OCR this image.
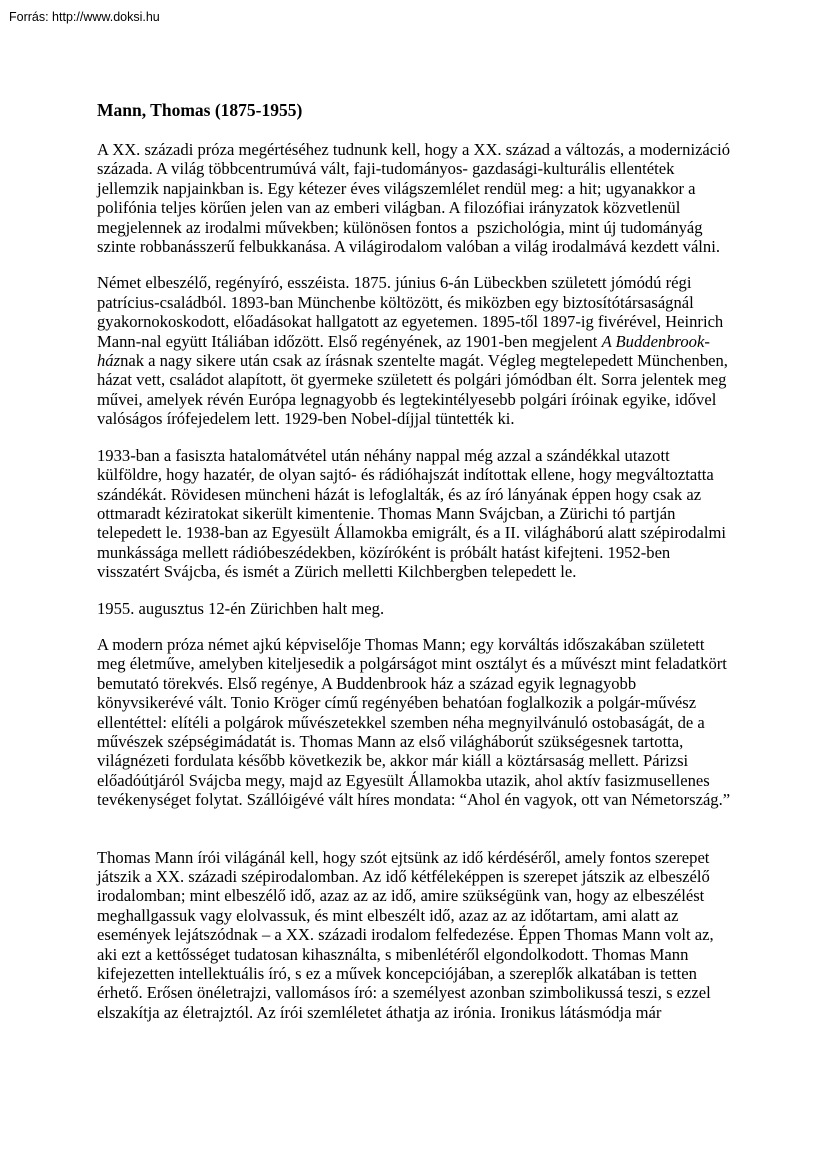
Forrás: http://www.doksi.hu
Mann, Thomas (1875-1955)

A XX. századi próza megértéséhez tudnunk kell, hogy a XX. század a változás, a modernizáció százada. A világ többcentrumúvá vált, faji-tudományos- gazdasági-kulturális ellentétek jellemzik napjainkban is. Egy kétezer éves világszemlélet rendül meg: a hit; ugyanakkor a polifónia teljes körűen jelen van az emberi világban. A filozófiai irányzatok közvetlenül megjelennek az irodalmi művekben; különösen fontos a  pszichológia, mint új tudományág szinte robbanásszerű felbukkanása. A világirodalom valóban a világ irodalmává kezdett válni.

Német elbeszélő, regényíró, esszéista. 1875. június 6-án Lübeckben született jómódú régi patrícius-családból. 1893-ban Münchenbe költözött, és miközben egy biztosítótársaságnál gyakornokoskodott, előadásokat hallgatott az egyetemen. 1895-től 1897-ig fivérével, Heinrich Mann-nal együtt Itáliában időzött. Első regényének, az 1901-ben megjelent A Buddenbrook-háznak a nagy sikere után csak az írásnak szentelte magát. Végleg megtelepedett Münchenben, házat vett, családot alapított, öt gyermeke született és polgári jómódban élt. Sorra jelentek meg művei, amelyek révén Európa legnagyobb és legtekintélyesebb polgári íróinak egyike, idővel valóságos írófejedelem lett. 1929-ben Nobel-díjjal tüntették ki.

1933-ban a fasiszta hatalomátvétel után néhány nappal még azzal a szándékkal utazott külföldre, hogy hazatér, de olyan sajtó- és rádióhajszát indítottak ellene, hogy megváltoztatta szándékát. Rövidesen müncheni házát is lefoglalták, és az író lányának éppen hogy csak az ottmaradt kéziratokat sikerült kimentenie. Thomas Mann Svájcban, a Zürichi tó partján telepedett le. 1938-ban az Egyesült Államokba emigrált, és a II. világháború alatt szépirodalmi munkássága mellett rádióbeszédekben, közíróként is próbált hatást kifejteni. 1952-ben visszatért Svájcba, és ismét a Zürich melletti Kilchbergben telepedett le.

1955. augusztus 12-én Zürichben halt meg.

A modern próza német ajkú képviselője Thomas Mann; egy korváltás időszakában született meg életműve, amelyben kiteljesedik a polgárságot mint osztályt és a művészt mint feladatkört bemutató törekvés. Első regénye, A Buddenbrook ház a század egyik legnagyobb könyvsikerévé vált. Tonio Kröger című regényében behatóan foglalkozik a polgár-művész ellentéttel: elítéli a polgárok művészetekkel szemben néha megnyilvánuló ostobaságát, de a művészek szépségimádatát is. Thomas Mann az első világháborút szükségesnek tartotta, világnézeti fordulata később következik be, akkor már kiáll a köztársaság mellett. Párizsi előadóútjáról Svájcba megy, majd az Egyesült Államokba utazik, ahol aktív fasizmusellenes tevékenységet folytat. Szállóigévé vált híres mondata: “Ahol én vagyok, ott van Németország.”

Thomas Mann írói világánál kell, hogy szót ejtsünk az idő kérdéséről, amely fontos szerepet játszik a XX. századi szépirodalomban. Az idő kétféleképpen is szerepet játszik az elbeszélő irodalomban; mint elbeszélő idő, azaz az az idő, amire szükségünk van, hogy az elbeszélést meghallgassuk vagy elolvassuk, és mint elbeszélt idő, azaz az az időtartam, ami alatt az események lejátszódnak – a XX. századi irodalom felfedezése. Éppen Thomas Mann volt az, aki ezt a kettősséget tudatosan kihasználta, s mibenlétéről elgondolkodott. Thomas Mann kifejezetten intellektuális író, s ez a művek koncepciójában, a szereplők alkatában is tetten érhető. Erősen önéletrajzi, vallomásos író: a személyest azonban szimbolikussá teszi, s ezzel elszakítja az életrajztól. Az írói szemléletet áthatja az irónia. Ironikus látásmódja már
